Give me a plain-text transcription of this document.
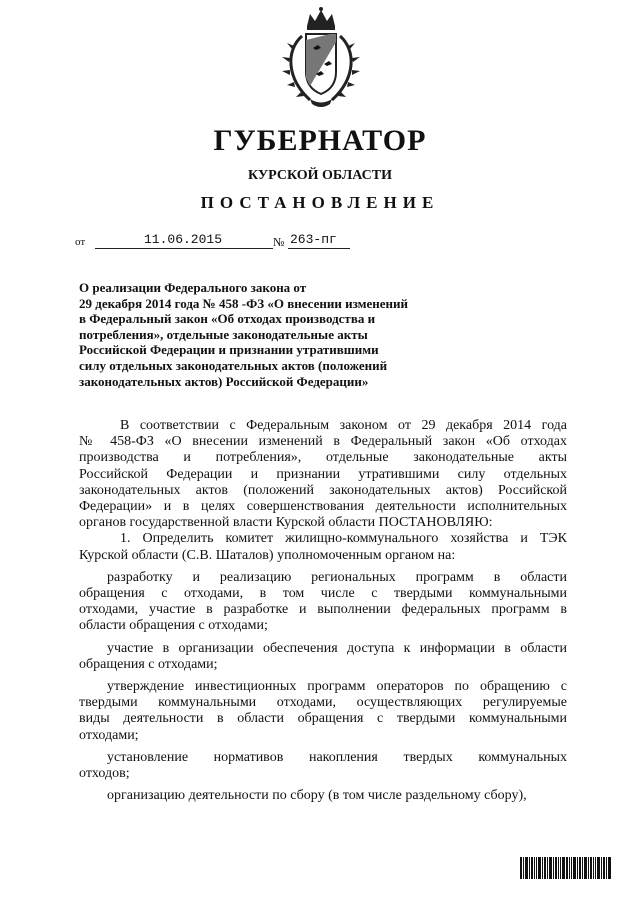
ГУБЕРНАТОР
КУРСКОЙ ОБЛАСТИ
ПОСТАНОВЛЕНИЕ
от	11.06.2015	№ 263-пг
О реализации Федерального закона от
29 декабря 2014 года № 458 -ФЗ «О внесении изменений
в Федеральный закон «Об отходах производства и
потребления», отдельные законодательные акты
Российской Федерации и признании утратившими
силу отдельных законодательных актов (положений
законодательных актов) Российской Федерации»
В соответствии с Федеральным законом от 29 декабря 2014 года
№ 458-ФЗ «О внесении изменений в Федеральный закон «Об отходах
производства и потребления», отдельные законодательные акты
Российской Федерации и признании утратившими силу отдельных
законодательных актов (положений законодательных актов) Российской
Федерации» и в целях совершенствования деятельности исполнительных
органов государственной власти Курской области ПОСТАНОВЛЯЮ:
1. Определить комитет жилищно-коммунального хозяйства и ТЭК
Курской области (С.В. Шаталов) уполномоченным органом на:
разработку и реализацию региональных программ в области
обращения с отходами, в том числе с твердыми коммунальными
отходами, участие в разработке и выполнении федеральных программ в
области обращения с отходами;
участие в организации обеспечения доступа к информации в области
обращения с отходами;
утверждение инвестиционных программ операторов по обращению с
твердыми коммунальными отходами, осуществляющих регулируемые
виды деятельности в области обращения с твердыми коммунальными
отходами;
установление нормативов накопления твердых коммунальных
отходов;
организацию деятельности по сбору (в том числе раздельному сбору),
